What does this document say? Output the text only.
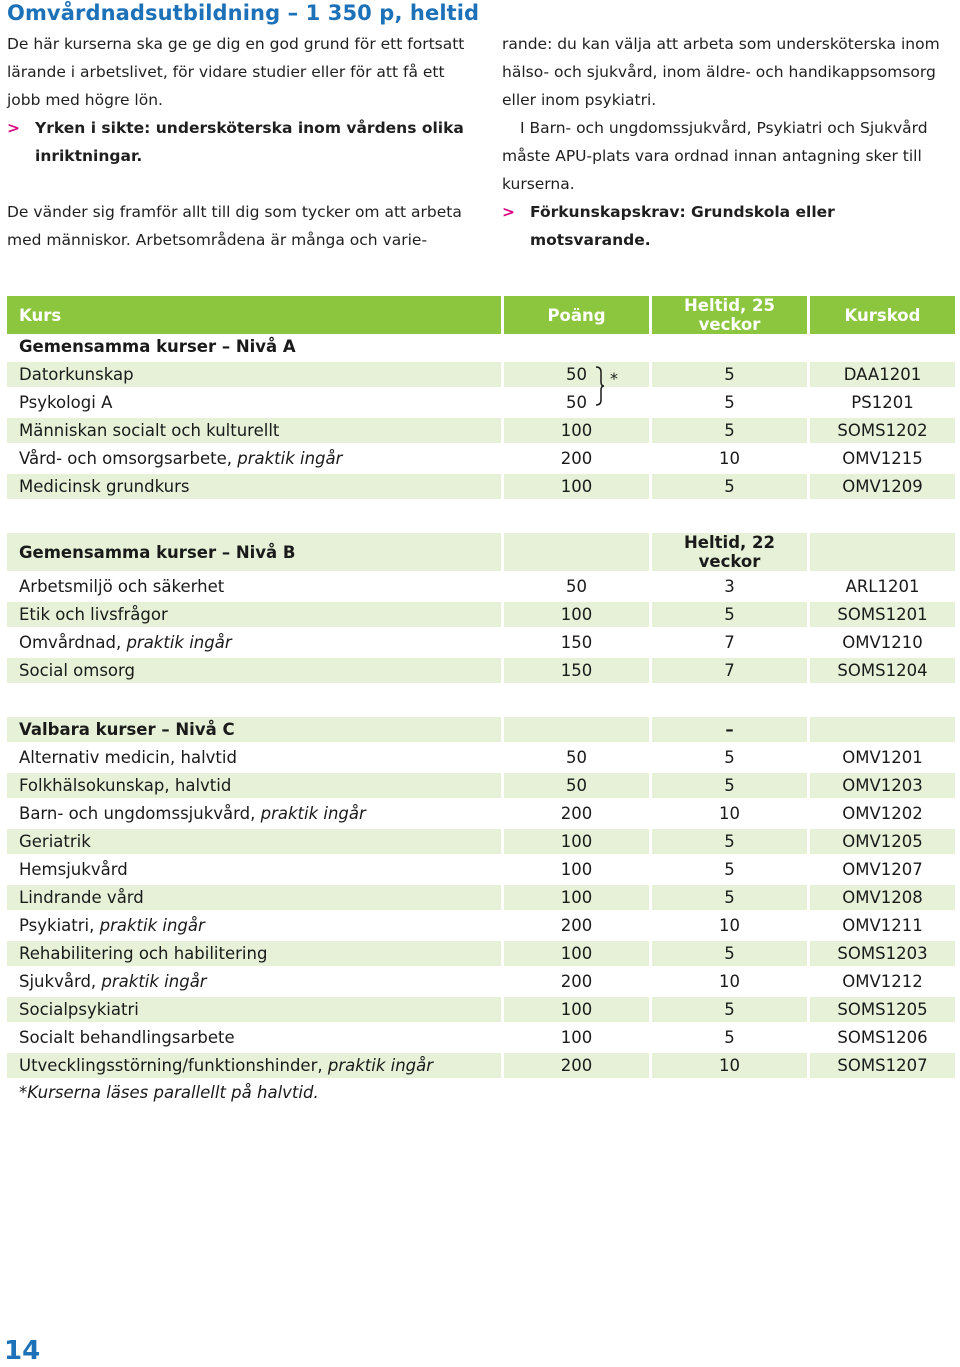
Omvårdnadsutbildning – 1 350 p, heltid

De här kurserna ska ge ge dig en god grund för ett fortsatt lärande i arbetslivet, för vidare studier eller för att få ett jobb med högre lön.

> Yrken i sikte: undersköterska inom vårdens olika inriktningar.

De vänder sig framför allt till dig som tycker om att arbeta med människor. Arbetsområdena är många och varie-

rande: du kan välja att arbeta som undersköterska inom hälso- och sjukvård, inom äldre- och handikappsomsorg eller inom psykiatri.

I Barn- och ungdomssjukvård, Psykiatri och Sjukvård måste APU-plats vara ordnad innan antagning sker till kurserna.

> Förkunskapskrav: Grundskola eller motsvarande.

Kurs	Poäng	Heltid, 25 veckor	Kurskod
Gemensamma kurser – Nivå A			
Datorkunskap	50 *	5	DAA1201
Psykologi A	50	5	PS1201
Människan socialt och kulturellt	100	5	SOMS1202
Vård- och omsorgsarbete, praktik ingår	200	10	OMV1215
Medicinsk grundkurs	100	5	OMV1209

Gemensamma kurser – Nivå B		Heltid, 22 veckor	
Arbetsmiljö och säkerhet	50	3	ARL1201
Etik och livsfrågor	100	5	SOMS1201
Omvårdnad, praktik ingår	150	7	OMV1210
Social omsorg	150	7	SOMS1204

Valbara kurser – Nivå C		–	
Alternativ medicin, halvtid	50	5	OMV1201
Folkhälsokunskap, halvtid	50	5	OMV1203
Barn- och ungdomssjukvård, praktik ingår	200	10	OMV1202
Geriatrik	100	5	OMV1205
Hemsjukvård	100	5	OMV1207
Lindrande vård	100	5	OMV1208
Psykiatri, praktik ingår	200	10	OMV1211
Rehabilitering och habilitering	100	5	SOMS1203
Sjukvård, praktik ingår	200	10	OMV1212
Socialpsykiatri	100	5	SOMS1205
Socialt behandlingsarbete	100	5	SOMS1206
Utvecklingsstörning/funktionshinder, praktik ingår	200	10	SOMS1207
*Kurserna läses parallellt på halvtid.			
14
